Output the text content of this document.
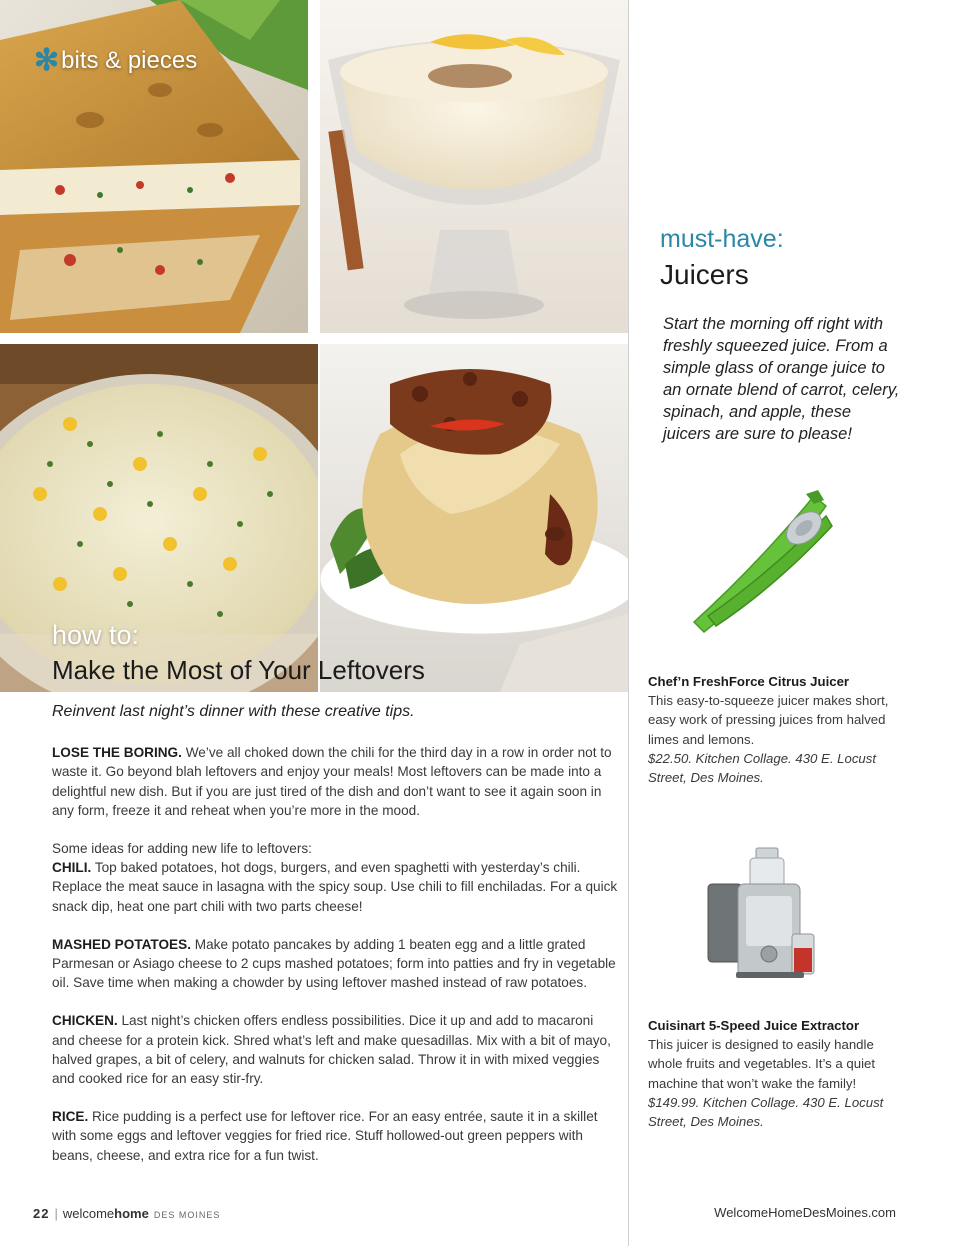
✻ bits & pieces
how to:
Make the Most of Your Leftovers
Reinvent last night’s dinner with these creative tips.

LOSE THE BORING. We’ve all choked down the chili for the third day in a row in order not to waste it. Go beyond blah leftovers and enjoy your meals! Most leftovers can be made into a delightful new dish. But if you are just tired of the dish and don’t want to see it again soon in any form, freeze it and reheat when you’re more in the mood.

Some ideas for adding new life to leftovers:

CHILI. Top baked potatoes, hot dogs, burgers, and even spaghetti with yesterday’s chili. Replace the meat sauce in lasagna with the spicy soup. Use chili to fill enchiladas. For a quick snack dip, heat one part chili with two parts cheese!

MASHED POTATOES. Make potato pancakes by adding 1 beaten egg and a little grated Parmesan or Asiago cheese to 2 cups mashed potatoes; form into patties and fry in vegetable oil. Save time when making a chowder by using leftover mashed instead of raw potatoes.

CHICKEN. Last night’s chicken offers endless possibilities. Dice it up and add to macaroni and cheese for a protein kick. Shred what’s left and make quesadillas. Mix with a bit of mayo, halved grapes, a bit of celery, and walnuts for chicken salad. Throw it in with mixed veggies and cooked rice for an easy stir-fry.

RICE. Rice pudding is a perfect use for leftover rice. For an easy entrée, saute it in a skillet with some eggs and leftover veggies for fried rice. Stuff hollowed-out green peppers with beans, cheese, and extra rice for a fun twist.

must-have:
Juicers
Start the morning off right with freshly squeezed juice. From a simple glass of orange juice to an ornate blend of carrot, celery, spinach, and apple, these juicers are sure to please!
Chef’n FreshForce Citrus Juicer
This easy-to-squeeze juicer makes short, easy work of pressing juices from halved limes and lemons.
$22.50. Kitchen Collage. 430 E. Locust Street, Des Moines.
Cuisinart 5-Speed Juice Extractor
This juicer is designed to easily handle whole fruits and vegetables. It’s a quiet machine that won’t wake the family!
$149.99. Kitchen Collage. 430 E. Locust Street, Des Moines.
22 | welcome home DES MOINES	WelcomeHomeDesMoines.com
